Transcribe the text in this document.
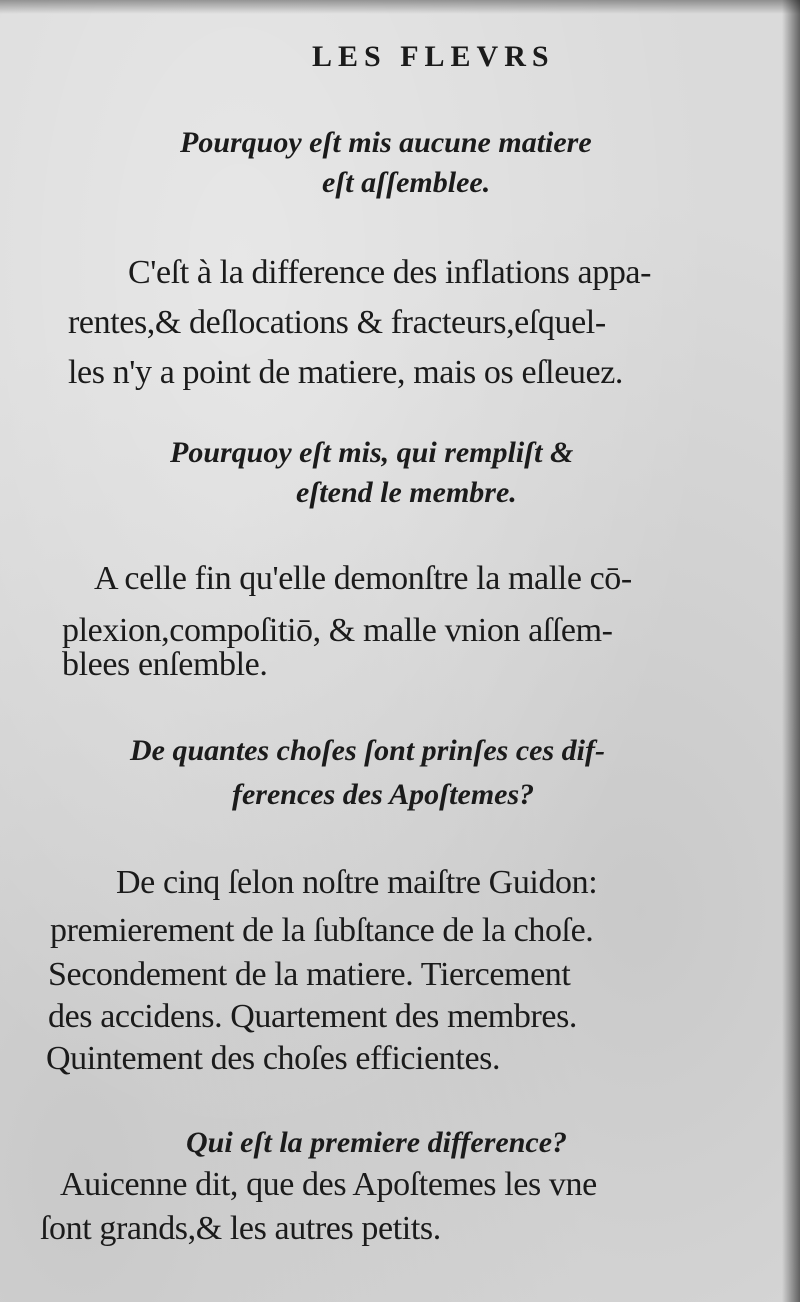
LES FLEVRS
Pourquoy eſt mis aucune matiere
eſt aſſemblee.
C'eſt à la difference des inflations appa-
rentes,& deſlocations & fracteurs,eſquel-
les n'y a point de matiere, mais os eſleuez.
Pourquoy eſt mis, qui rempliſt &
eſtend le membre.
A celle fin qu'elle demonſtre la malle cō-
plexion,compoſitiō, & malle vnion aſſem-
blees enſemble.
De quantes choſes ſont prinſes ces dif-
ferences des Apoſtemes?
De cinq ſelon noſtre maiſtre Guidon:
premierement de la ſubſtance de la choſe.
Secondement de la matiere. Tiercement
des accidens. Quartement des membres.
Quintement des choſes efficientes.
Qui eſt la premiere difference?
Auicenne dit, que des Apoſtemes les vne
ſont grands,& les autres petits.
